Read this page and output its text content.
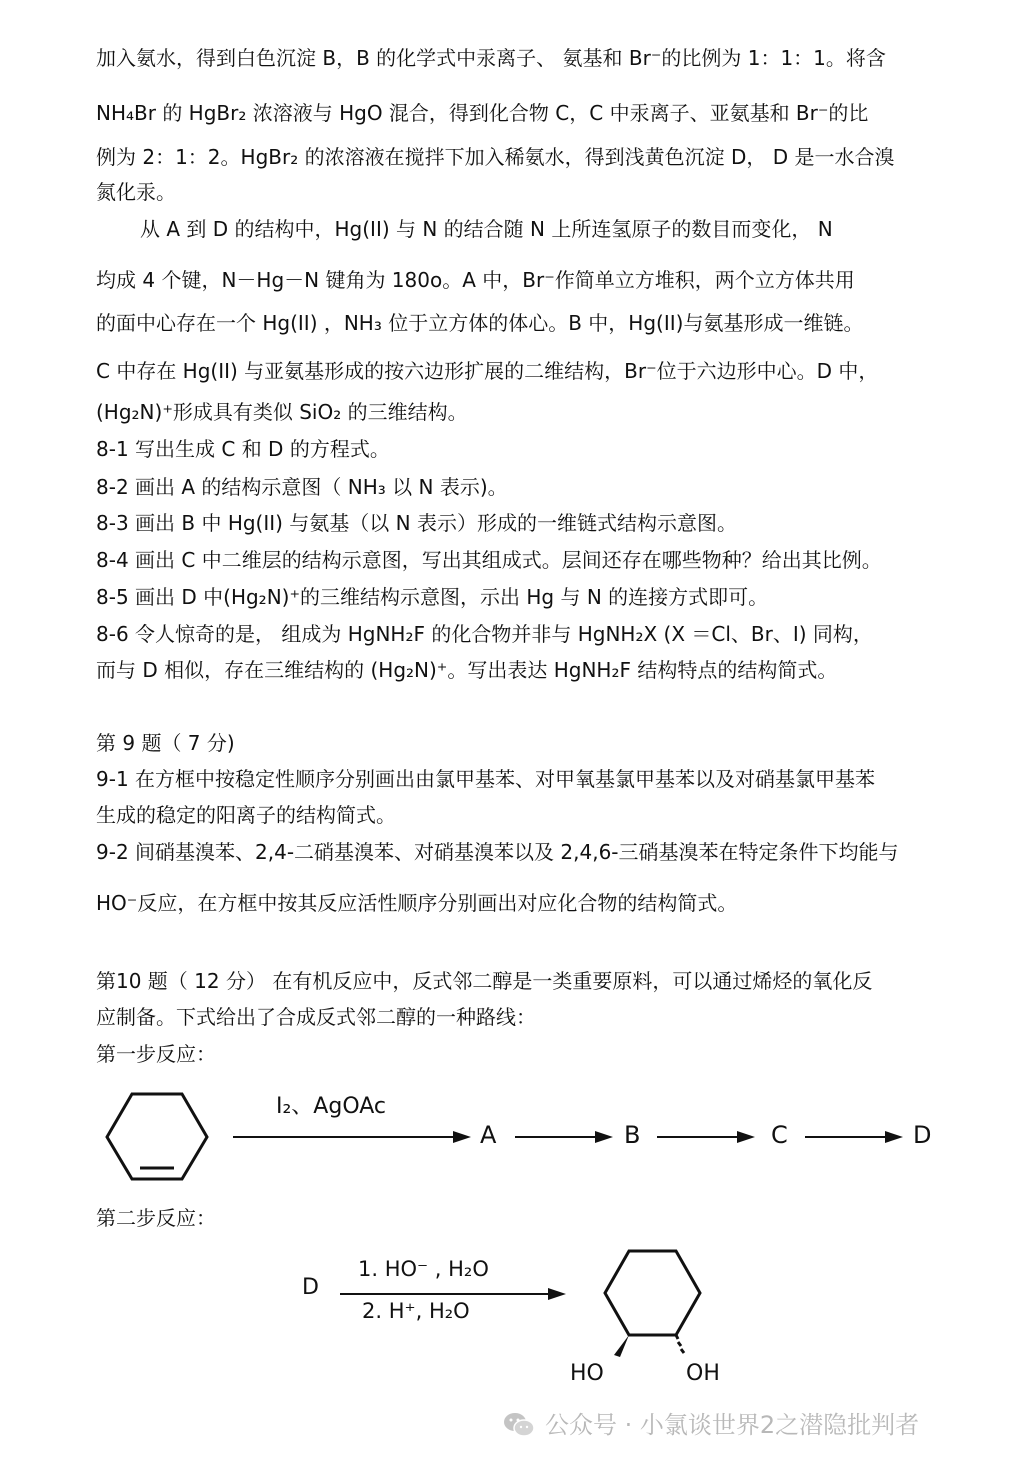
加入氨水，得到白色沉淀 B，B 的化学式中汞离子、 氨基和 Br⁻的比例为 1：1：1。将含
NH₄Br 的 HgBr₂ 浓溶液与 HgO 混合，得到化合物 C，C 中汞离子、亚氨基和 Br⁻的比
例为 2：1：2。HgBr₂ 的浓溶液在搅拌下加入稀氨水，得到浅黄色沉淀 D， D 是一水合溴
氮化汞。
从 A 到 D 的结构中，Hg(II) 与 N 的结合随 N 上所连氢原子的数目而变化， N
均成 4 个键，N－Hg－N 键角为 180o。A 中，Br⁻作简单立方堆积，两个立方体共用
的面中心存在一个 Hg(II) ，NH₃ 位于立方体的体心。B 中，Hg(II)与氨基形成一维链。
C 中存在 Hg(II) 与亚氨基形成的按六边形扩展的二维结构，Br⁻位于六边形中心。D 中，
(Hg₂N)⁺形成具有类似 SiO₂ 的三维结构。
8-1 写出生成 C 和 D 的方程式。
8-2 画出 A 的结构示意图（ NH₃ 以 N 表示)。
8-3 画出 B 中 Hg(II) 与氨基（以 N 表示）形成的一维链式结构示意图。
8-4 画出 C 中二维层的结构示意图，写出其组成式。层间还存在哪些物种？给出其比例。
8-5 画出 D 中(Hg₂N)⁺的三维结构示意图，示出 Hg 与 N 的连接方式即可。
8-6 令人惊奇的是， 组成为 HgNH₂F 的化合物并非与 HgNH₂X (X ＝Cl、Br、I) 同构，
而与 D 相似，存在三维结构的 (Hg₂N)⁺。写出表达 HgNH₂F 结构特点的结构简式。
第 9 题（ 7 分)
9-1 在方框中按稳定性顺序分别画出由氯甲基苯、对甲氧基氯甲基苯以及对硝基氯甲基苯
生成的稳定的阳离子的结构简式。
9-2 间硝基溴苯、2,4-二硝基溴苯、对硝基溴苯以及 2,4,6-三硝基溴苯在特定条件下均能与
HO⁻反应，在方框中按其反应活性顺序分别画出对应化合物的结构简式。
第10 题（ 12 分） 在有机反应中，反式邻二醇是一类重要原料，可以通过烯烃的氧化反
应制备。下式给出了合成反式邻二醇的一种路线：
第一步反应：
I₂、AgOAc
A	B	C	D
第二步反应：
D
1. HO⁻ , H₂O
2. H⁺, H₂O
HO	OH
公众号 · 小氯谈世界2之潜隐批判者
